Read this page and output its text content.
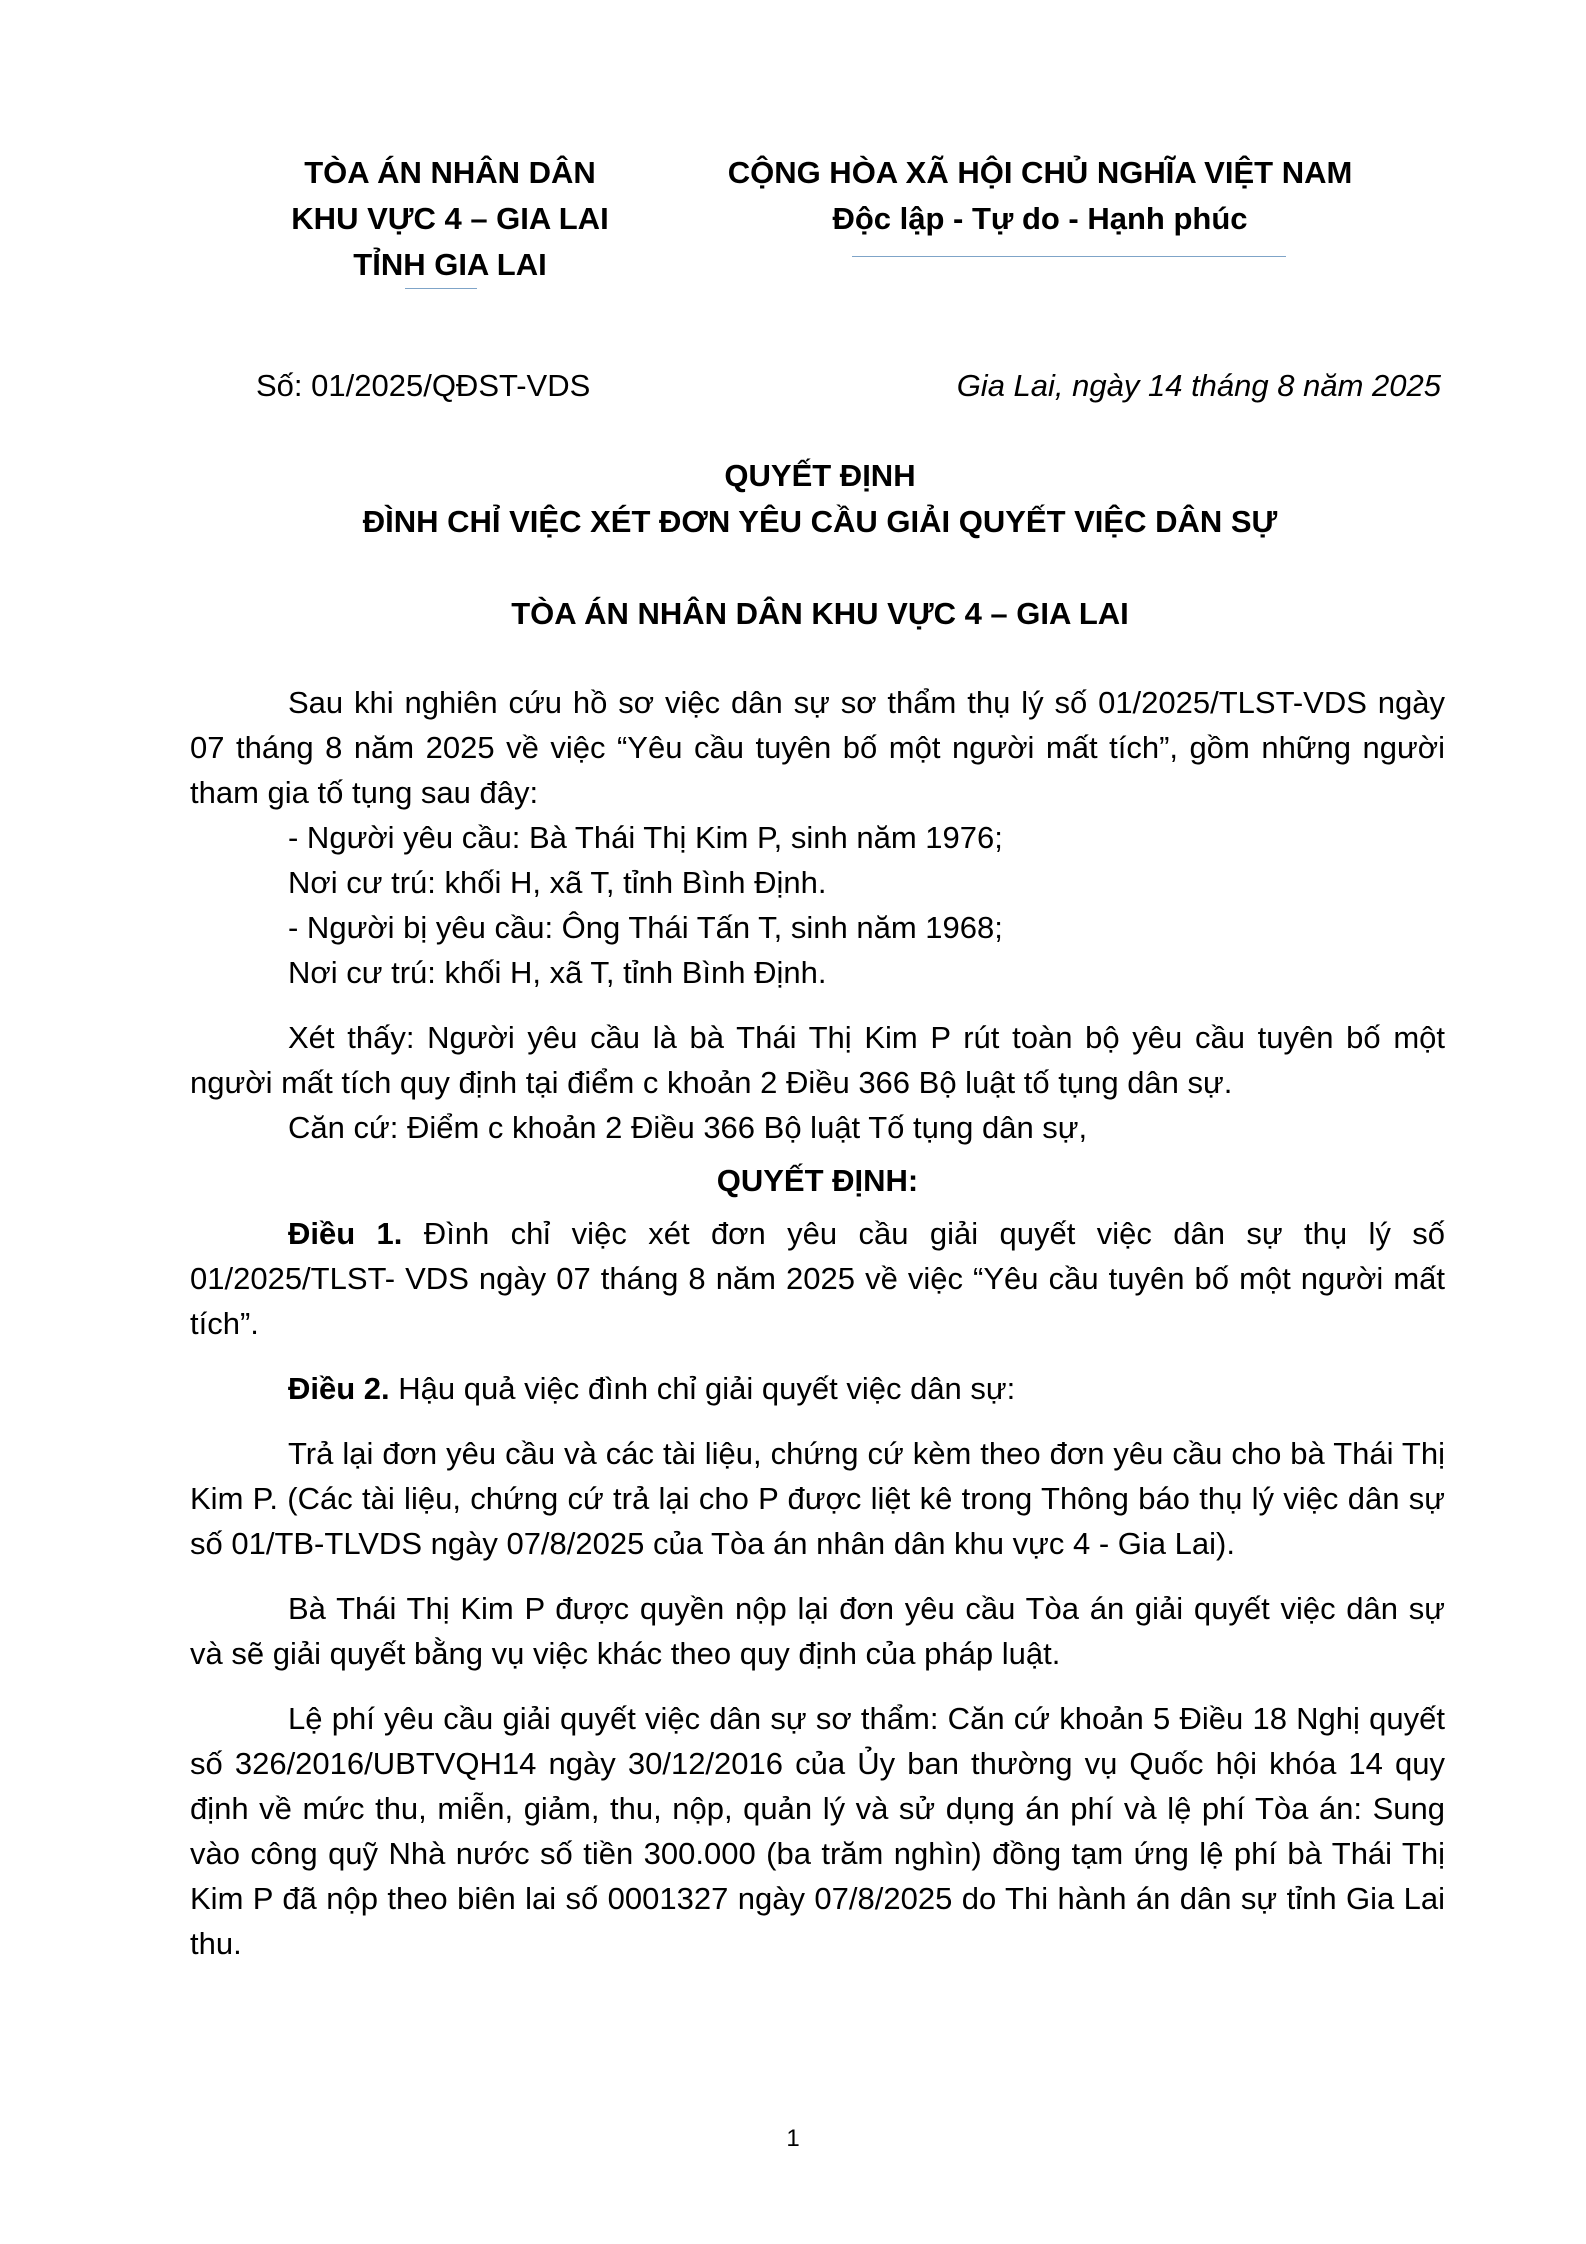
TÒA ÁN NHÂN DÂN
KHU VỰC 4 – GIA LAI
TỈNH GIA LAI
CỘNG HÒA XÃ HỘI CHỦ NGHĨA VIỆT NAM
Độc lập - Tự do - Hạnh phúc
Số: 01/2025/QĐST-VDS	Gia Lai, ngày 14 tháng 8 năm 2025
QUYẾT ĐỊNH
ĐÌNH CHỈ VIỆC XÉT ĐƠN YÊU CẦU GIẢI QUYẾT VIỆC DÂN SỰ
TÒA ÁN NHÂN DÂN KHU VỰC 4 – GIA LAI

Sau khi nghiên cứu hồ sơ việc dân sự sơ thẩm thụ lý số 01/2025/TLST-VDS ngày 07 tháng 8 năm 2025 về việc “Yêu cầu tuyên bố một người mất tích”, gồm những người tham gia tố tụng sau đây:

- Người yêu cầu: Bà Thái Thị Kim P, sinh năm 1976;

Nơi cư trú: khối H, xã T, tỉnh Bình Định.

- Người bị yêu cầu: Ông Thái Tấn T, sinh năm 1968;

Nơi cư trú: khối H, xã T, tỉnh Bình Định.

Xét thấy: Người yêu cầu là bà Thái Thị Kim P rút toàn bộ yêu cầu tuyên bố một người mất tích quy định tại điểm c khoản 2 Điều 366 Bộ luật tố tụng dân sự.

Căn cứ: Điểm c khoản 2 Điều 366 Bộ luật Tố tụng dân sự,

QUYẾT ĐỊNH:

Điều 1. Đình chỉ việc xét đơn yêu cầu giải quyết việc dân sự thụ lý số 01/2025/TLST- VDS ngày 07 tháng 8 năm 2025 về việc “Yêu cầu tuyên bố một người mất tích”.

Điều 2. Hậu quả việc đình chỉ giải quyết việc dân sự:

Trả lại đơn yêu cầu và các tài liệu, chứng cứ kèm theo đơn yêu cầu cho bà Thái Thị Kim P. (Các tài liệu, chứng cứ trả lại cho P được liệt kê trong Thông báo thụ lý việc dân sự số 01/TB-TLVDS ngày 07/8/2025 của Tòa án nhân dân khu vực 4 - Gia Lai).

Bà Thái Thị Kim P được quyền nộp lại đơn yêu cầu Tòa án giải quyết việc dân sự và sẽ giải quyết bằng vụ việc khác theo quy định của pháp luật.

Lệ phí yêu cầu giải quyết việc dân sự sơ thẩm: Căn cứ khoản 5 Điều 18 Nghị quyết số 326/2016/UBTVQH14 ngày 30/12/2016 của Ủy ban thường vụ Quốc hội khóa 14 quy định về mức thu, miễn, giảm, thu, nộp, quản lý và sử dụng án phí và lệ phí Tòa án: Sung vào công quỹ Nhà nước số tiền 300.000 (ba trăm nghìn) đồng tạm ứng lệ phí bà Thái Thị Kim P đã nộp theo biên lai số 0001327 ngày 07/8/2025 do Thi hành án dân sự tỉnh Gia Lai thu.

1
